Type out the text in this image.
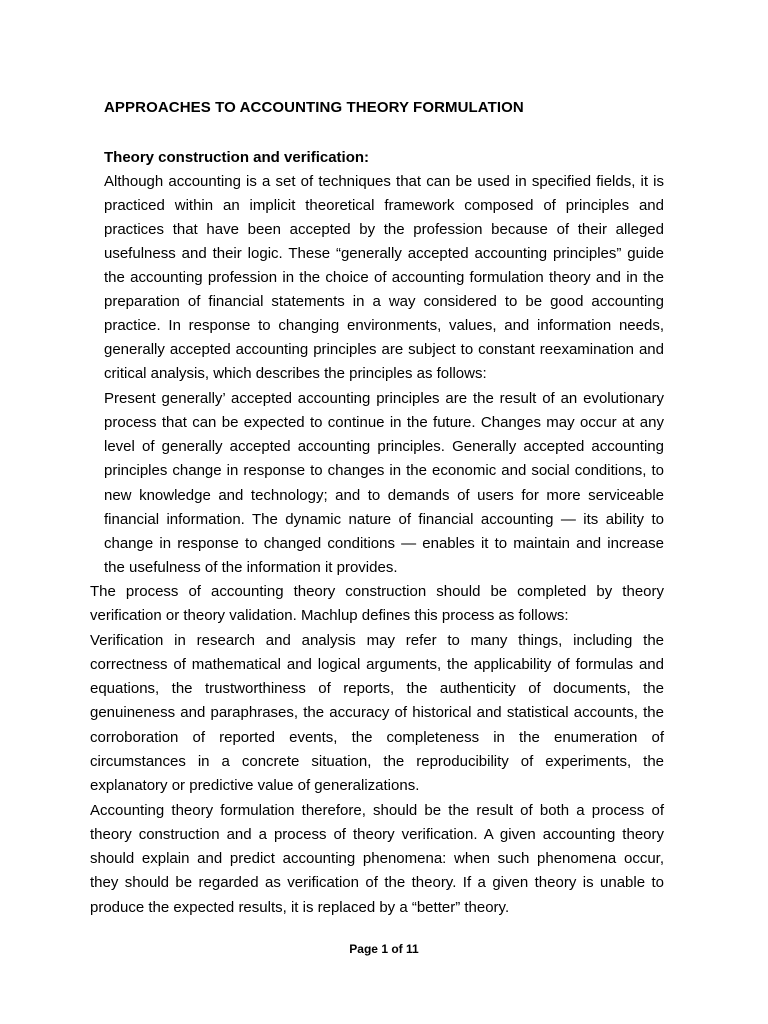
APPROACHES TO ACCOUNTING THEORY FORMULATION
Theory construction and verification:
Although accounting is a set of techniques that can be used in specified fields, it is
practiced within an implicit theoretical framework composed of principles and
practices that have been accepted by the profession because of their alleged
usefulness and their logic. These “generally accepted accounting principles” guide
the accounting profession in the choice of accounting formulation theory and in the
preparation of financial statements in a way considered to be good accounting
practice. In response to changing environments, values, and information needs,
generally accepted accounting principles are subject to constant reexamination and
critical analysis, which describes the principles as follows:
Present generally’ accepted accounting principles are the result of an evolutionary
process that can be expected to continue in the future. Changes may occur at any
level of generally accepted accounting principles. Generally accepted accounting
principles change in response to changes in the economic and social conditions, to
new knowledge and technology; and to demands of users for more serviceable
financial information. The dynamic nature of financial accounting — its ability to
change in response to changed conditions — enables it to maintain and increase
the usefulness of the information it provides.
The process of accounting theory construction should be completed by theory
verification or theory validation. Machlup defines this process as follows:
Verification in research and analysis may refer to many things, including the
correctness of mathematical and logical arguments, the applicability of formulas and
equations, the trustworthiness of reports, the authenticity of documents, the
genuineness and paraphrases, the accuracy of historical and statistical accounts, the
corroboration of reported events, the completeness in the enumeration of
circumstances in a concrete situation, the reproducibility of experiments, the
explanatory or predictive value of generalizations.
Accounting theory formulation therefore, should be the result of both a process of
theory construction and a process of theory verification. A given accounting theory
should explain and predict accounting phenomena: when such phenomena occur,
they should be regarded as verification of the theory. If a given theory is unable to
produce the expected results, it is replaced by a “better” theory.
Page 1 of 11
